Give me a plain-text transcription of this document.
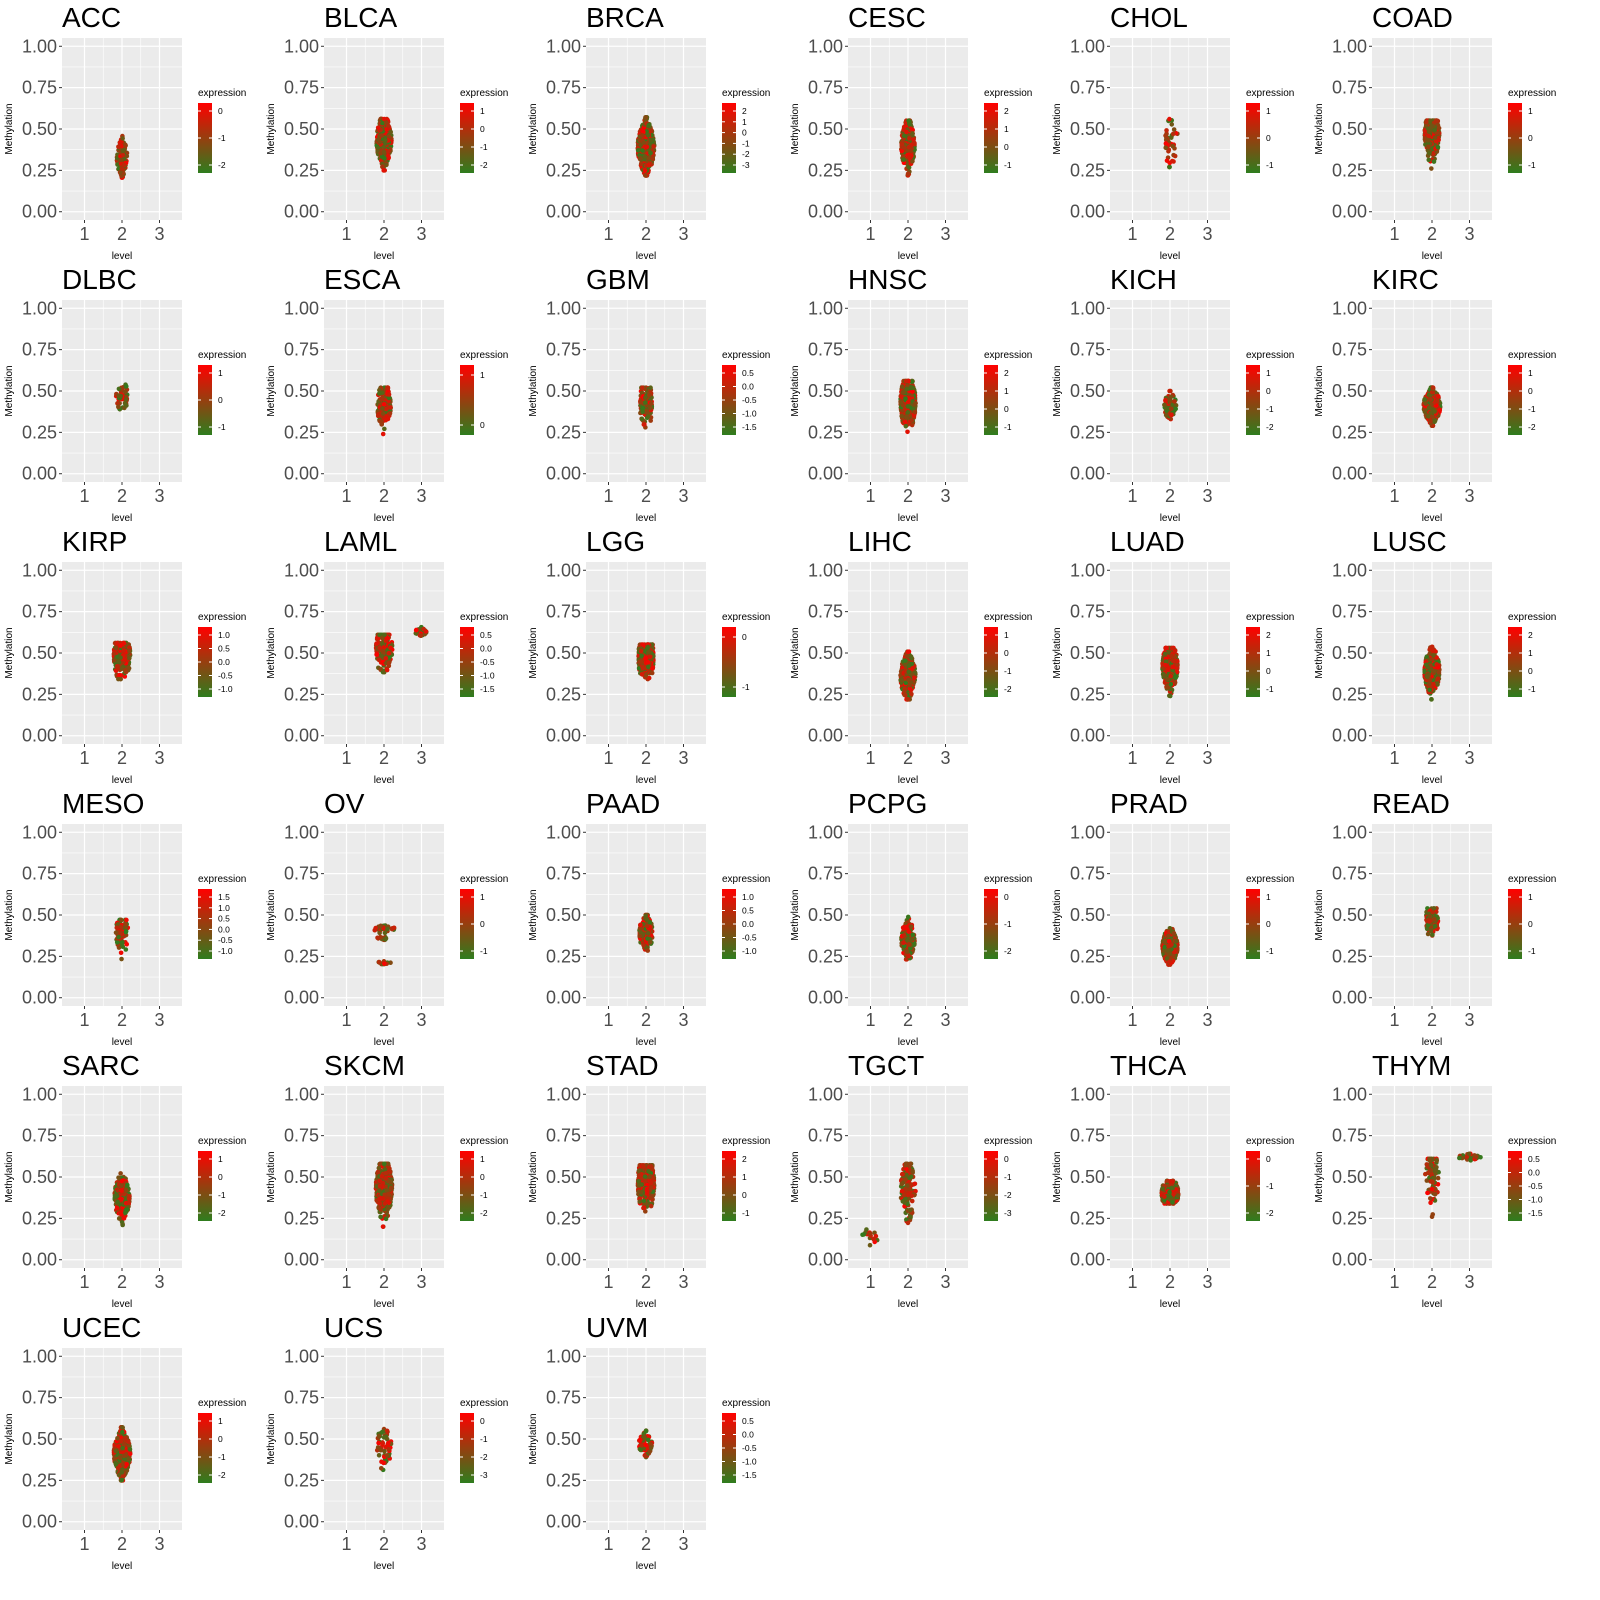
ACC
0.00
0.25
0.50
0.75
1.00
1 2 3
level
Methylation
expression
0
-1
-2
BLCA
0.00
0.25
0.50
0.75
1.00
1 2 3
level
Methylation
expression
1
0
-1
-2
BRCA
0.00
0.25
0.50
0.75
1.00
1 2 3
level
Methylation
expression
2
1
0
-1
-2
-3
CESC
0.00
0.25
0.50
0.75
1.00
1 2 3
level
Methylation
expression
2
1
0
-1
CHOL
0.00
0.25
0.50
0.75
1.00
1 2 3
level
Methylation
expression
1
0
-1
COAD
0.00
0.25
0.50
0.75
1.00
1 2 3
level
Methylation
expression
1
0
-1
DLBC
0.00
0.25
0.50
0.75
1.00
1 2 3
level
Methylation
expression
1
0
-1
ESCA
0.00
0.25
0.50
0.75
1.00
1 2 3
level
Methylation
expression
1
0
GBM
0.00
0.25
0.50
0.75
1.00
1 2 3
level
Methylation
expression
0.5
0.0
-0.5
-1.0
-1.5
HNSC
0.00
0.25
0.50
0.75
1.00
1 2 3
level
Methylation
expression
2
1
0
-1
KICH
0.00
0.25
0.50
0.75
1.00
1 2 3
level
Methylation
expression
1
0
-1
-2
KIRC
0.00
0.25
0.50
0.75
1.00
1 2 3
level
Methylation
expression
1
0
-1
-2
KIRP
0.00
0.25
0.50
0.75
1.00
1 2 3
level
Methylation
expression
1.0
0.5
0.0
-0.5
-1.0
LAML
0.00
0.25
0.50
0.75
1.00
1 2 3
level
Methylation
expression
0.5
0.0
-0.5
-1.0
-1.5
LGG
0.00
0.25
0.50
0.75
1.00
1 2 3
level
Methylation
expression
0
-1
LIHC
0.00
0.25
0.50
0.75
1.00
1 2 3
level
Methylation
expression
1
0
-1
-2
LUAD
0.00
0.25
0.50
0.75
1.00
1 2 3
level
Methylation
expression
2
1
0
-1
LUSC
0.00
0.25
0.50
0.75
1.00
1 2 3
level
Methylation
expression
2
1
0
-1
MESO
0.00
0.25
0.50
0.75
1.00
1 2 3
level
Methylation
expression
1.5
1.0
0.5
0.0
-0.5
-1.0
OV
0.00
0.25
0.50
0.75
1.00
1 2 3
level
Methylation
expression
1
0
-1
PAAD
0.00
0.25
0.50
0.75
1.00
1 2 3
level
Methylation
expression
1.0
0.5
0.0
-0.5
-1.0
PCPG
0.00
0.25
0.50
0.75
1.00
1 2 3
level
Methylation
expression
0
-1
-2
PRAD
0.00
0.25
0.50
0.75
1.00
1 2 3
level
Methylation
expression
1
0
-1
READ
0.00
0.25
0.50
0.75
1.00
1 2 3
level
Methylation
expression
1
0
-1
SARC
0.00
0.25
0.50
0.75
1.00
1 2 3
level
Methylation
expression
1
0
-1
-2
SKCM
0.00
0.25
0.50
0.75
1.00
1 2 3
level
Methylation
expression
1
0
-1
-2
STAD
0.00
0.25
0.50
0.75
1.00
1 2 3
level
Methylation
expression
2
1
0
-1
TGCT
0.00
0.25
0.50
0.75
1.00
1 2 3
level
Methylation
expression
0
-1
-2
-3
THCA
0.00
0.25
0.50
0.75
1.00
1 2 3
level
Methylation
expression
0
-1
-2
THYM
0.00
0.25
0.50
0.75
1.00
1 2 3
level
Methylation
expression
0.5
0.0
-0.5
-1.0
-1.5
UCEC
0.00
0.25
0.50
0.75
1.00
1 2 3
level
Methylation
expression
1
0
-1
-2
UCS
0.00
0.25
0.50
0.75
1.00
1 2 3
level
Methylation
expression
0
-1
-2
-3
UVM
0.00
0.25
0.50
0.75
1.00
1 2 3
level
Methylation
expression
0.5
0.0
-0.5
-1.0
-1.5
